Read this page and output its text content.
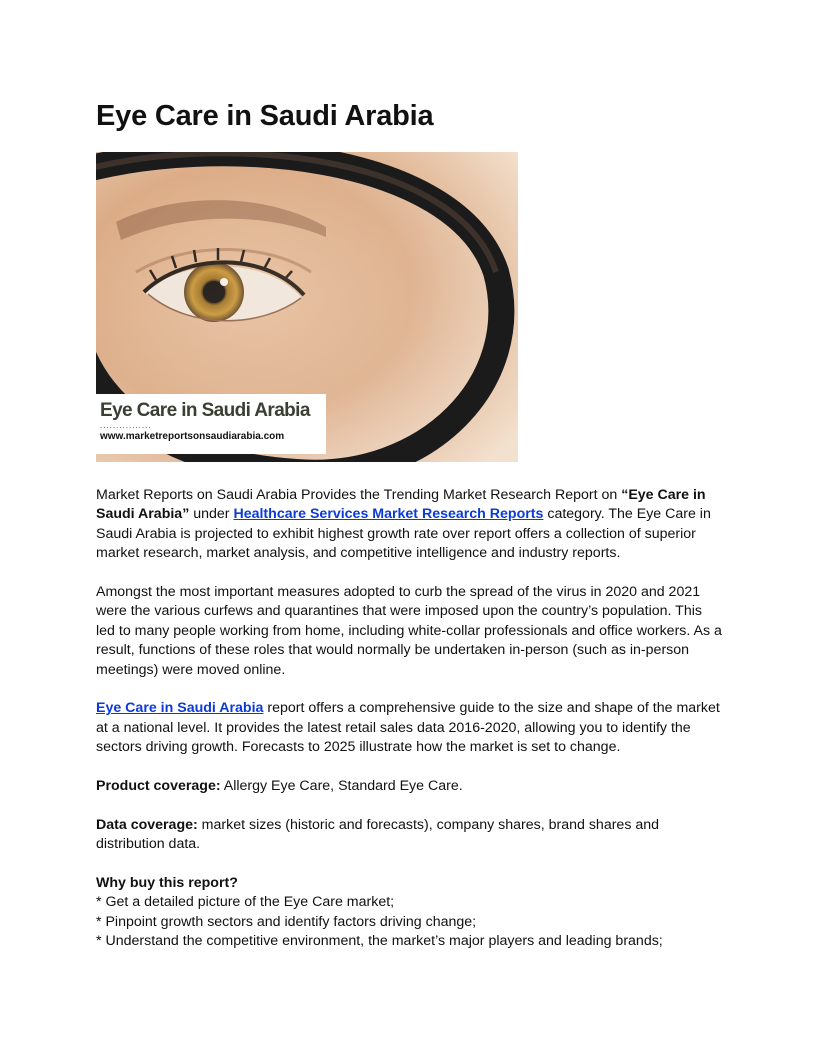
Eye Care in Saudi Arabia
Eye Care in Saudi Arabia
................
www.marketreportsonsaudiarabia.com

Market Reports on Saudi Arabia Provides the Trending Market Research Report on “Eye Care in Saudi Arabia” under Healthcare Services Market Research Reports category. The Eye Care in Saudi Arabia is projected to exhibit highest growth rate over report offers a collection of superior market research, market analysis, and competitive intelligence and industry reports.

Amongst the most important measures adopted to curb the spread of the virus in 2020 and 2021 were the various curfews and quarantines that were imposed upon the country’s population. This led to many people working from home, including white-collar professionals and office workers. As a result, functions of these roles that would normally be undertaken in-person (such as in-person meetings) were moved online.

Eye Care in Saudi Arabia report offers a comprehensive guide to the size and shape of the market at a national level. It provides the latest retail sales data 2016-2020, allowing you to identify the sectors driving growth. Forecasts to 2025 illustrate how the market is set to change.

Product coverage: Allergy Eye Care, Standard Eye Care.

Data coverage: market sizes (historic and forecasts), company shares, brand shares and distribution data.

Why buy this report?

* Get a detailed picture of the Eye Care market;

* Pinpoint growth sectors and identify factors driving change;

* Understand the competitive environment, the market’s major players and leading brands;
